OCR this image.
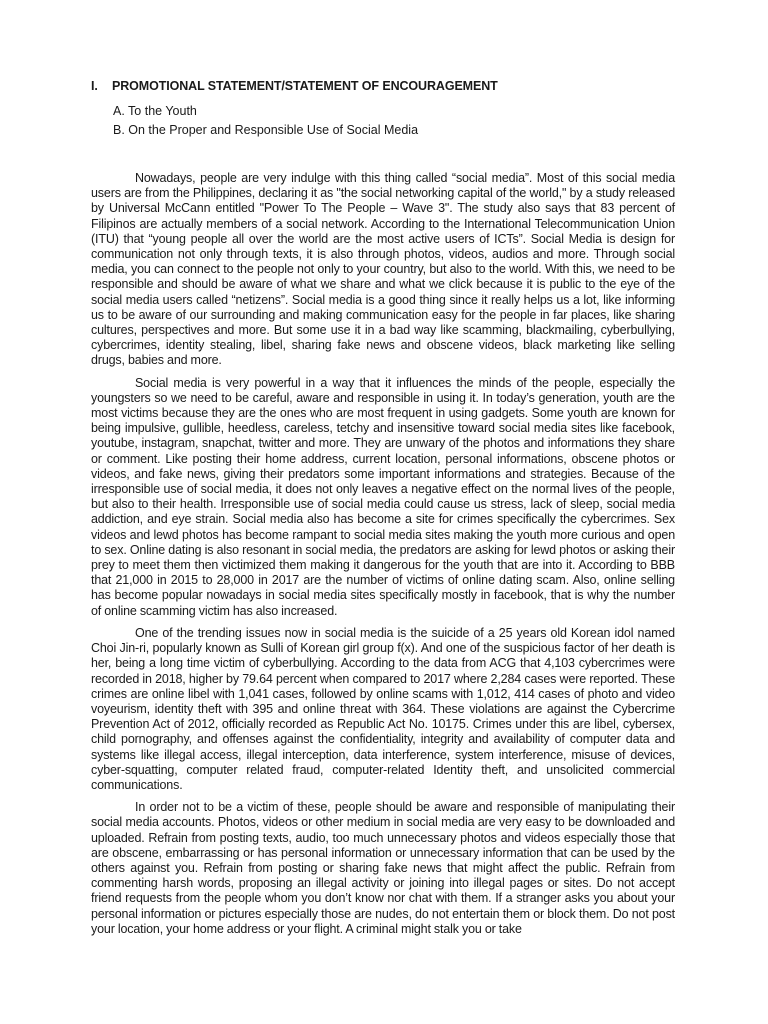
I. PROMOTIONAL STATEMENT/STATEMENT OF ENCOURAGEMENT
A. To the Youth
B. On the Proper and Responsible Use of Social Media

Nowadays, people are very indulge with this thing called “social media”. Most of this social media users are from the Philippines, declaring it as "the social networking capital of the world," by a study released by Universal McCann entitled "Power To The People – Wave 3". The study also says that 83 percent of Filipinos are actually members of a social network. According to the International Telecommunication Union (ITU) that “young people all over the world are the most active users of ICTs”. Social Media is design for communication not only through texts, it is also through photos, videos, audios and more. Through social media, you can connect to the people not only to your country, but also to the world. With this, we need to be responsible and should be aware of what we share and what we click because it is public to the eye of the social media users called “netizens”. Social media is a good thing since it really helps us a lot, like informing us to be aware of our surrounding and making communication easy for the people in far places, like sharing cultures, perspectives and more. But some use it in a bad way like scamming, blackmailing, cyberbullying, cybercrimes, identity stealing, libel, sharing fake news and obscene videos, black marketing like selling drugs, babies and more.

Social media is very powerful in a way that it influences the minds of the people, especially the youngsters so we need to be careful, aware and responsible in using it. In today’s generation, youth are the most victims because they are the ones who are most frequent in using gadgets. Some youth are known for being impulsive, gullible, heedless, careless, tetchy and insensitive toward social media sites like facebook, youtube, instagram, snapchat, twitter and more. They are unwary of the photos and informations they share or comment. Like posting their home address, current location, personal informations, obscene photos or videos, and fake news, giving their predators some important informations and strategies. Because of the irresponsible use of social media, it does not only leaves a negative effect on the normal lives of the people, but also to their health. Irresponsible use of social media could cause us stress, lack of sleep, social media addiction, and eye strain. Social media also has become a site for crimes specifically the cybercrimes. Sex videos and lewd photos has become rampant to social media sites making the youth more curious and open to sex. Online dating is also resonant in social media, the predators are asking for lewd photos or asking their prey to meet them then victimized them making it dangerous for the youth that are into it. According to BBB that 21,000 in 2015 to 28,000 in 2017 are the number of victims of online dating scam. Also, online selling has become popular nowadays in social media sites specifically mostly in facebook, that is why the number of online scamming victim has also increased.

One of the trending issues now in social media is the suicide of a 25 years old Korean idol named Choi Jin-ri, popularly known as Sulli of Korean girl group f(x). And one of the suspicious factor of her death is her, being a long time victim of cyberbullying. According to the data from ACG that 4,103 cybercrimes were recorded in 2018, higher by 79.64 percent when compared to 2017 where 2,284 cases were reported. These crimes are online libel with 1,041 cases, followed by online scams with 1,012, 414 cases of photo and video voyeurism, identity theft with 395 and online threat with 364. These violations are against the Cybercrime Prevention Act of 2012, officially recorded as Republic Act No. 10175. Crimes under this are libel, cybersex, child pornography, and offenses against the confidentiality, integrity and availability of computer data and systems like illegal access, illegal interception, data interference, system interference, misuse of devices, cyber-squatting, computer related fraud, computer-related Identity theft, and unsolicited commercial communications.

In order not to be a victim of these, people should be aware and responsible of manipulating their social media accounts. Photos, videos or other medium in social media are very easy to be downloaded and uploaded. Refrain from posting texts, audio, too much unnecessary photos and videos especially those that are obscene, embarrassing or has personal information or unnecessary information that can be used by the others against you. Refrain from posting or sharing fake news that might affect the public. Refrain from commenting harsh words, proposing an illegal activity or joining into illegal pages or sites. Do not accept friend requests from the people whom you don’t know nor chat with them. If a stranger asks you about your personal information or pictures especially those are nudes, do not entertain them or block them. Do not post your location, your home address or your flight. A criminal might stalk you or take
